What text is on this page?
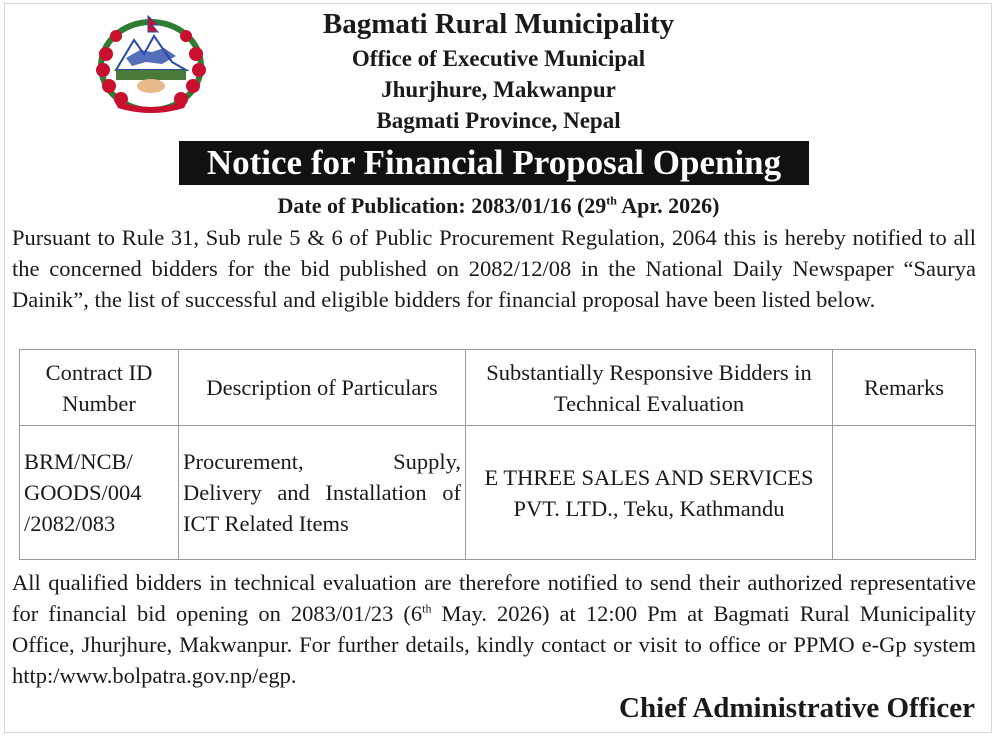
Bagmati Rural Municipality
Office of Executive Municipal
Jhurjhure, Makwanpur
Bagmati Province, Nepal
Notice for Financial Proposal Opening
Date of Publication: 2083/01/16 (29th Apr. 2026)
Pursuant to Rule 31, Sub rule 5 & 6 of Public Procurement Regulation, 2064 this is hereby notified to all the concerned bidders for the bid published on 2082/12/08 in the National Daily Newspaper “Saurya Dainik”, the list of successful and eligible bidders for financial proposal have been listed below.
Contract ID Number	Description of Particulars	Substantially Responsive Bidders in Technical Evaluation	Remarks
BRM/NCB/ GOODS/004 /2082/083	Procurement, Supply, Delivery and Installation of ICT Related Items	E THREE SALES AND SERVICES PVT. LTD., Teku, Kathmandu	
All qualified bidders in technical evaluation are therefore notified to send their authorized representative for financial bid opening on 2083/01/23 (6th May. 2026) at 12:00 Pm at Bagmati Rural Municipality Office, Jhurjhure, Makwanpur. For further details, kindly contact or visit to office or PPMO e-Gp system http:/www.bolpatra.gov.np/egp.
Chief Administrative Officer
